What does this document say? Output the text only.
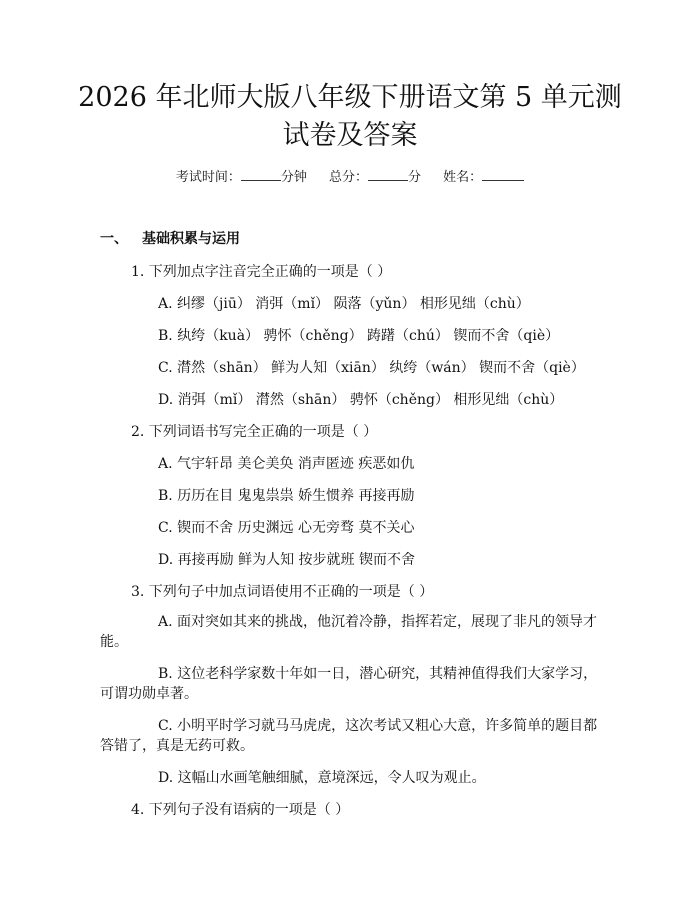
2026 年北师大版八年级下册语文第 5 单元测
试卷及答案
考试时间：	分钟 总分：	分 姓名：
一、 基础积累与运用
1. 下列加点字注音完全正确的一项是（ ）
A. 纠缪（jiū） 消弭（mǐ） 陨落（yǔn） 相形见绌（chù）
B. 纨绔（kuà） 骋怀（chěng） 踌躇（chú） 锲而不舍（qiè）
C. 潸然（shān） 鲜为人知（xiān） 纨绔（wán） 锲而不舍（qiè）
D. 消弭（mǐ） 潸然（shān） 骋怀（chěng） 相形见绌（chù）
2. 下列词语书写完全正确的一项是（ ）
A. 气宇轩昂 美仑美奂 消声匿迹 疾恶如仇
B. 历历在目 鬼鬼祟祟 娇生惯养 再接再励
C. 锲而不舍 历史渊远 心无旁骛 莫不关心
D. 再接再励 鲜为人知 按步就班 锲而不舍
3. 下列句子中加点词语使用不正确的一项是（ ）
A. 面对突如其来的挑战，他沉着冷静，指挥若定，展现了非凡的领导才
能。
B. 这位老科学家数十年如一日，潜心研究，其精神值得我们大家学习，
可谓功勋卓著。
C. 小明平时学习就马马虎虎，这次考试又粗心大意，许多简单的题目都
答错了，真是无药可救。
D. 这幅山水画笔触细腻，意境深远，令人叹为观止。
4. 下列句子没有语病的一项是（ ）
